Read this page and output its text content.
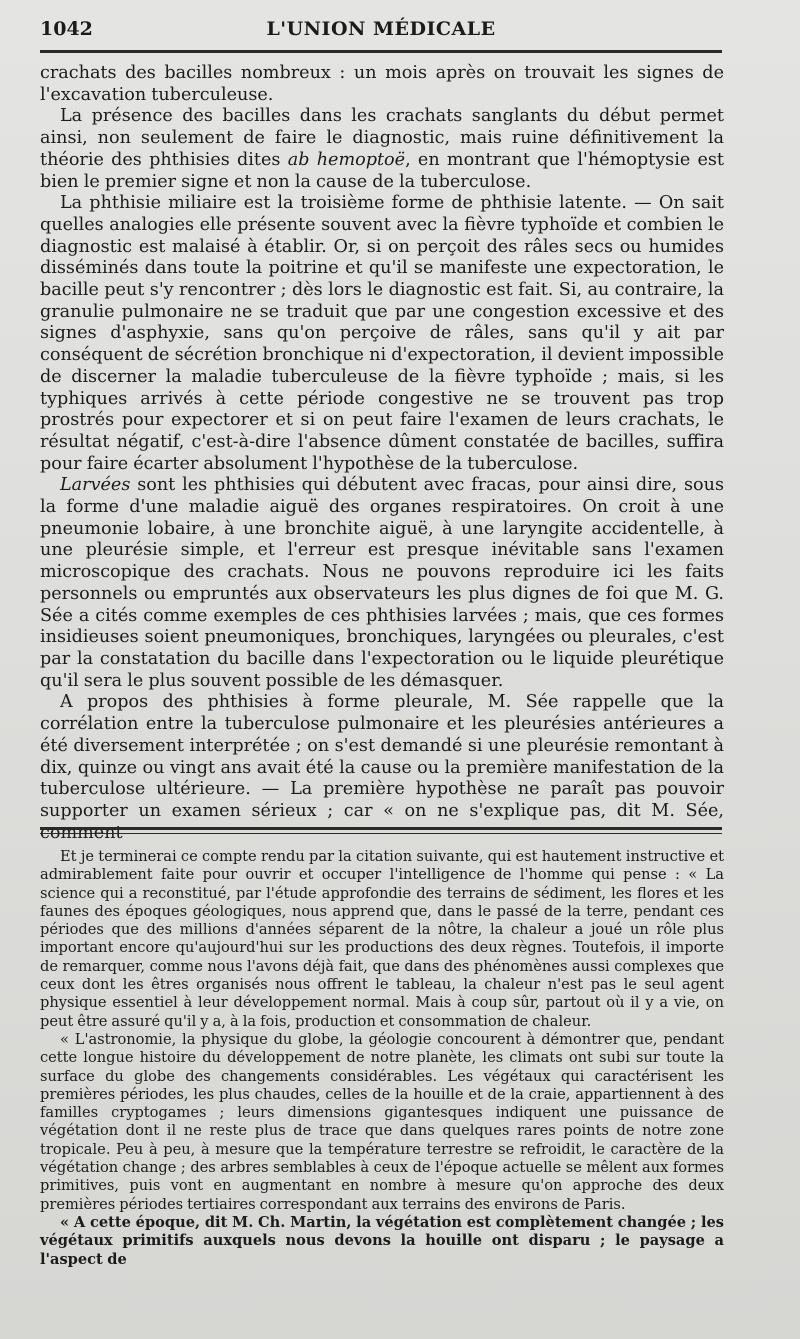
1042	L'UNION MÉDICALE

crachats des bacilles nombreux : un mois après on trouvait les signes de l'excavation tuberculeuse.

La présence des bacilles dans les crachats sanglants du début permet ainsi, non seulement de faire le diagnostic, mais ruine définitivement la théorie des phthisies dites ab hemoptoë, en montrant que l'hémoptysie est bien le premier signe et non la cause de la tuberculose.

La phthisie miliaire est la troisième forme de phthisie latente. — On sait quelles analogies elle présente souvent avec la fièvre typhoïde et combien le diagnostic est malaisé à établir. Or, si on perçoit des râles secs ou humides disséminés dans toute la poitrine et qu'il se manifeste une expectoration, le bacille peut s'y rencontrer ; dès lors le diagnostic est fait. Si, au contraire, la granulie pulmonaire ne se traduit que par une congestion excessive et des signes d'asphyxie, sans qu'on perçoive de râles, sans qu'il y ait par conséquent de sécrétion bronchique ni d'expectoration, il devient impossible de discerner la maladie tuberculeuse de la fièvre typhoïde ; mais, si les typhiques arrivés à cette période congestive ne se trouvent pas trop prostrés pour expectorer et si on peut faire l'examen de leurs crachats, le résultat négatif, c'est-à-dire l'absence dûment constatée de bacilles, suffira pour faire écarter absolument l'hypothèse de la tuberculose.

Larvées sont les phthisies qui débutent avec fracas, pour ainsi dire, sous la forme d'une maladie aiguë des organes respiratoires. On croit à une pneumonie lobaire, à une bronchite aiguë, à une laryngite accidentelle, à une pleurésie simple, et l'erreur est presque inévitable sans l'examen microscopique des crachats. Nous ne pouvons reproduire ici les faits personnels ou empruntés aux observateurs les plus dignes de foi que M. G. Sée a cités comme exemples de ces phthisies larvées ; mais, que ces formes insidieuses soient pneumoniques, bronchiques, laryngées ou pleurales, c'est par la constatation du bacille dans l'expectoration ou le liquide pleurétique qu'il sera le plus souvent possible de les démasquer.

A propos des phthisies à forme pleurale, M. Sée rappelle que la corrélation entre la tuberculose pulmonaire et les pleurésies antérieures a été diversement interprétée ; on s'est demandé si une pleurésie remontant à dix, quinze ou vingt ans avait été la cause ou la première manifestation de la tuberculose ultérieure. — La première hypothèse ne paraît pas pouvoir supporter un examen sérieux ; car « on ne s'explique pas, dit M. Sée, comment

Et je terminerai ce compte rendu par la citation suivante, qui est hautement instructive et admirablement faite pour ouvrir et occuper l'intelligence de l'homme qui pense : « La science qui a reconstitué, par l'étude approfondie des terrains de sédiment, les flores et les faunes des époques géologiques, nous apprend que, dans le passé de la terre, pendant ces périodes que des millions d'années séparent de la nôtre, la chaleur a joué un rôle plus important encore qu'aujourd'hui sur les productions des deux règnes. Toutefois, il importe de remarquer, comme nous l'avons déjà fait, que dans des phénomènes aussi complexes que ceux dont les êtres organisés nous offrent le tableau, la chaleur n'est pas le seul agent physique essentiel à leur développement normal. Mais à coup sûr, partout où il y a vie, on peut être assuré qu'il y a, à la fois, production et consommation de chaleur.

« L'astronomie, la physique du globe, la géologie concourent à démontrer que, pendant cette longue histoire du développement de notre planète, les climats ont subi sur toute la surface du globe des changements considérables. Les végétaux qui caractérisent les premières périodes, les plus chaudes, celles de la houille et de la craie, appartiennent à des familles cryptogames ; leurs dimensions gigantesques indiquent une puissance de végétation dont il ne reste plus de trace que dans quelques rares points de notre zone tropicale. Peu à peu, à mesure que la température terrestre se refroidit, le caractère de la végétation change ; des arbres semblables à ceux de l'époque actuelle se mêlent aux formes primitives, puis vont en augmentant en nombre à mesure qu'on approche des deux premières périodes tertiaires correspondant aux terrains des environs de Paris.

« A cette époque, dit M. Ch. Martin, la végétation est complètement changée ; les végétaux primitifs auxquels nous devons la houille ont disparu ; le paysage a l'aspect de
